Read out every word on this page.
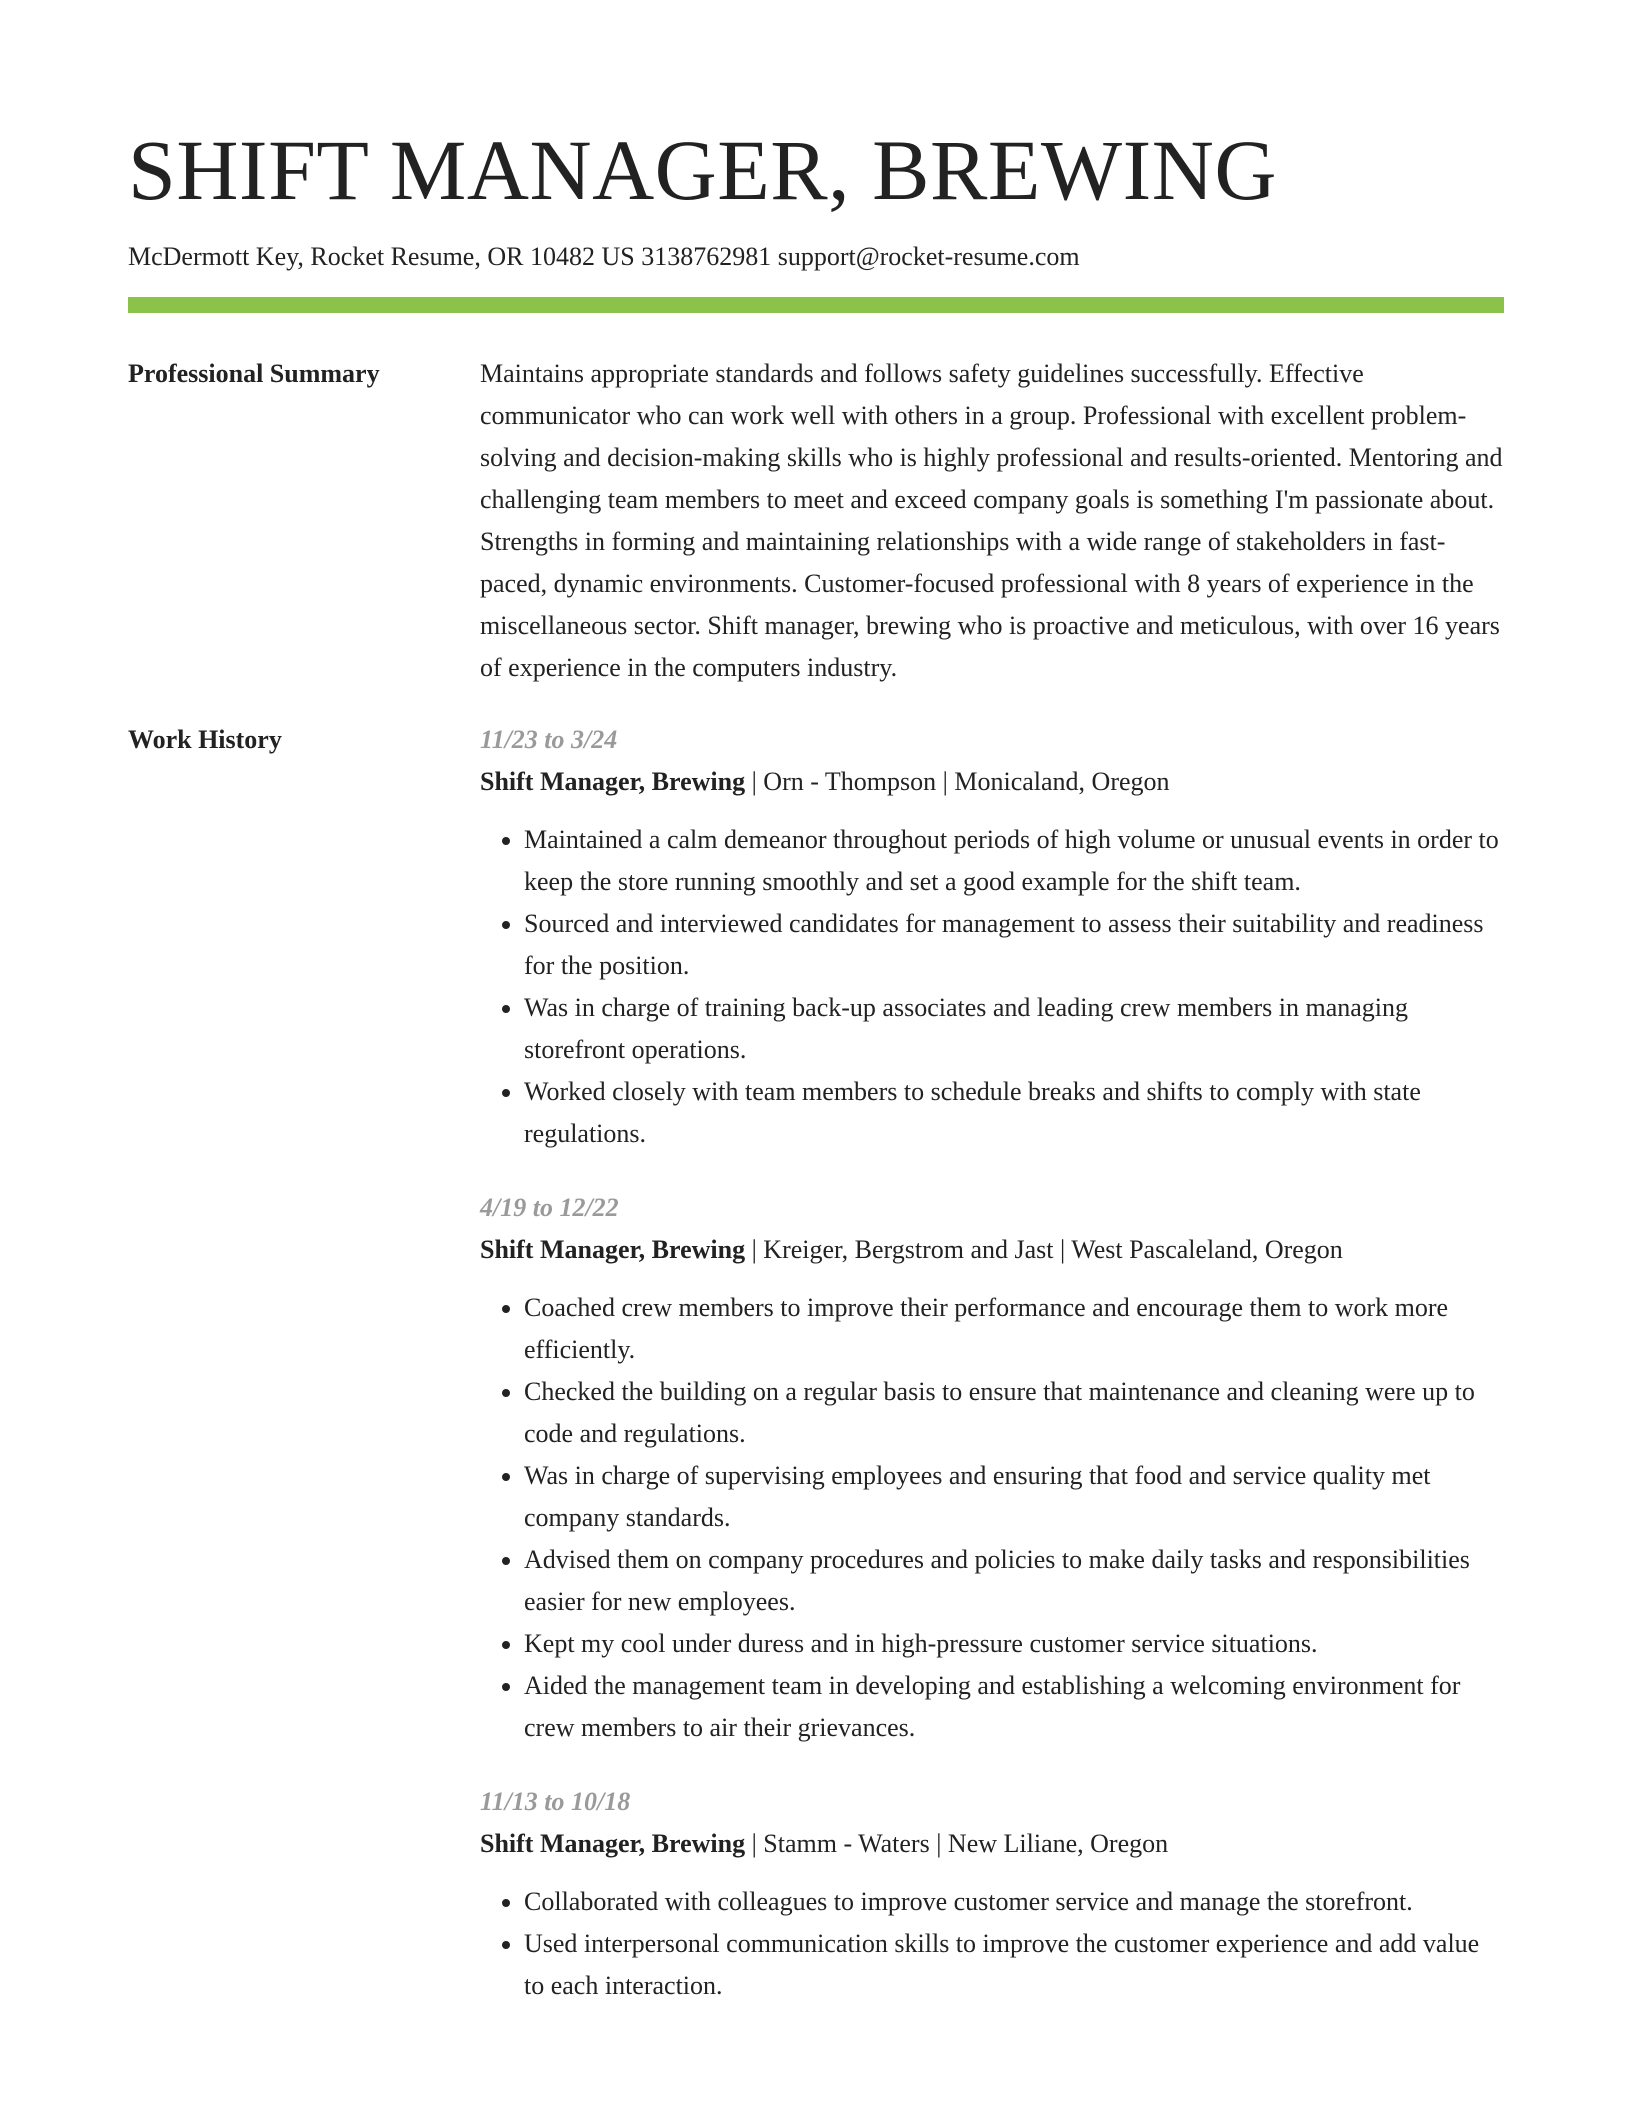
SHIFT MANAGER, BREWING
McDermott Key, Rocket Resume, OR 10482 US 3138762981 support@rocket-resume.com
Professional Summary	Maintains appropriate standards and follows safety guidelines successfully. Effective communicator who can work well with others in a group. Professional with excellent problem-solving and decision-making skills who is highly professional and results-oriented. Mentoring and challenging team members to meet and exceed company goals is something I'm passionate about. Strengths in forming and maintaining relationships with a wide range of stakeholders in fast-paced, dynamic environments. Customer-focused professional with 8 years of experience in the miscellaneous sector. Shift manager, brewing who is proactive and meticulous, with over 16 years of experience in the computers industry.

Work History	11/23 to 3/24
Shift Manager, Brewing | Orn - Thompson | Monicaland, Oregon
• Maintained a calm demeanor throughout periods of high volume or unusual events in order to keep the store running smoothly and set a good example for the shift team.
• Sourced and interviewed candidates for management to assess their suitability and readiness for the position.
• Was in charge of training back-up associates and leading crew members in managing storefront operations.
• Worked closely with team members to schedule breaks and shifts to comply with state regulations.
4/19 to 12/22
Shift Manager, Brewing | Kreiger, Bergstrom and Jast | West Pascaleland, Oregon
• Coached crew members to improve their performance and encourage them to work more efficiently.
• Checked the building on a regular basis to ensure that maintenance and cleaning were up to code and regulations.
• Was in charge of supervising employees and ensuring that food and service quality met company standards.
• Advised them on company procedures and policies to make daily tasks and responsibilities easier for new employees.
• Kept my cool under duress and in high-pressure customer service situations.
• Aided the management team in developing and establishing a welcoming environment for crew members to air their grievances.
11/13 to 10/18
Shift Manager, Brewing | Stamm - Waters | New Liliane, Oregon
• Collaborated with colleagues to improve customer service and manage the storefront.
• Used interpersonal communication skills to improve the customer experience and add value to each interaction.
